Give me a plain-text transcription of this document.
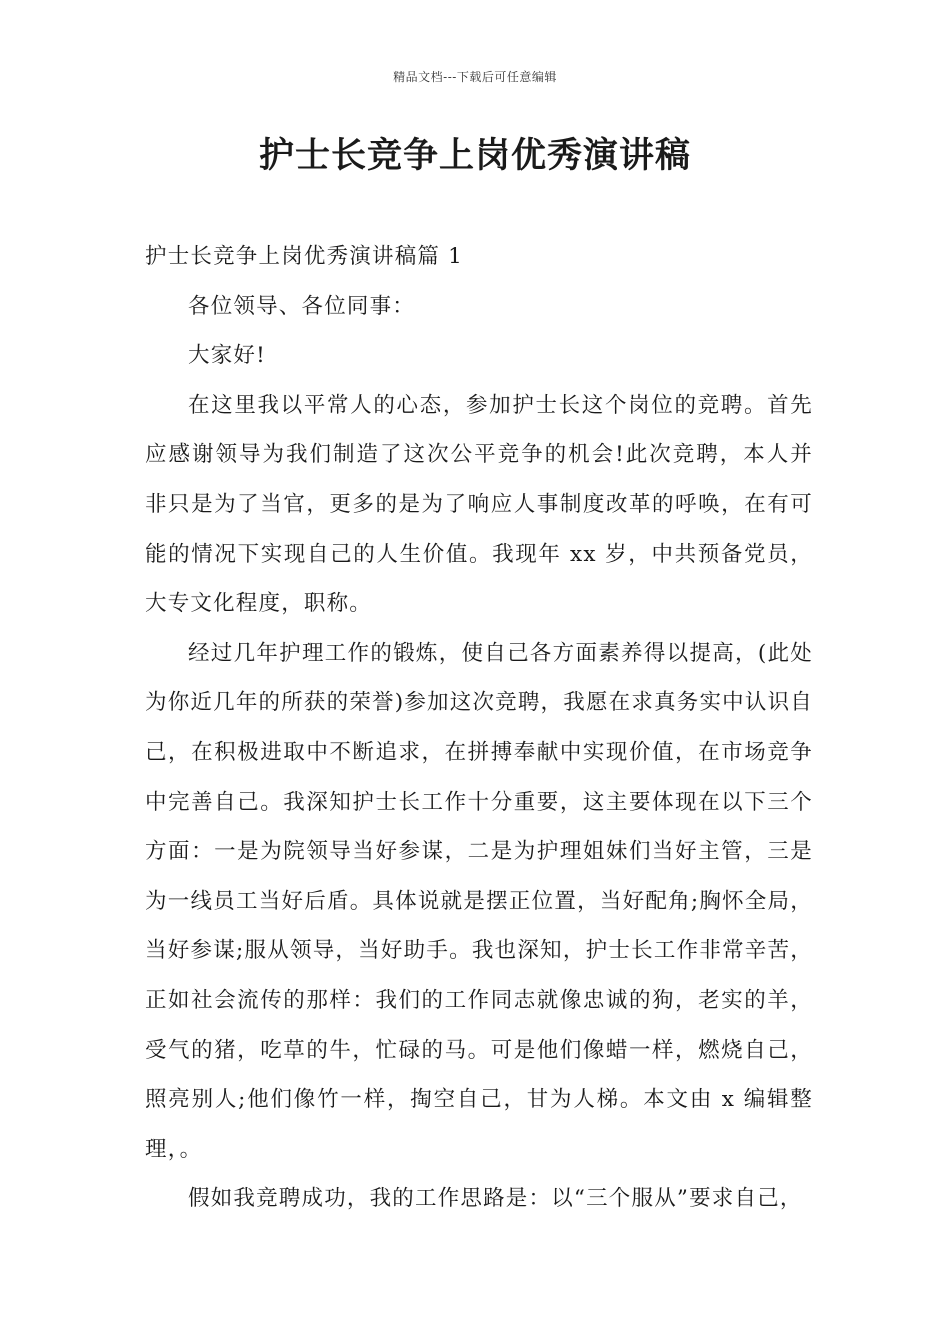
精品文档---下载后可任意编辑
护士长竞争上岗优秀演讲稿

护士长竞争上岗优秀演讲稿篇 1

各位领导、各位同事：

大家好!

在这里我以平常人的心态，参加护士长这个岗位的竞聘。首先应感谢领导为我们制造了这次公平竞争的机会!此次竞聘，本人并非只是为了当官，更多的是为了响应人事制度改革的呼唤，在有可能的情况下实现自己的人生价值。我现年 xx 岁，中共预备党员，大专文化程度，职称。

经过几年护理工作的锻炼，使自己各方面素养得以提高，(此处为你近几年的所获的荣誉)参加这次竞聘，我愿在求真务实中认识自己，在积极进取中不断追求，在拼搏奉献中实现价值，在市场竞争中完善自己。我深知护士长工作十分重要，这主要体现在以下三个方面：一是为院领导当好参谋，二是为护理姐妹们当好主管，三是为一线员工当好后盾。具体说就是摆正位置，当好配角;胸怀全局，当好参谋;服从领导，当好助手。我也深知，护士长工作非常辛苦，正如社会流传的那样：我们的工作同志就像忠诚的狗，老实的羊，受气的猪，吃草的牛，忙碌的马。可是他们像蜡一样，燃烧自己，照亮别人;他们像竹一样，掏空自己，甘为人梯。本文由 x 编辑整理，。

假如我竞聘成功，我的工作思路是：以“三个服从”要求自己，
